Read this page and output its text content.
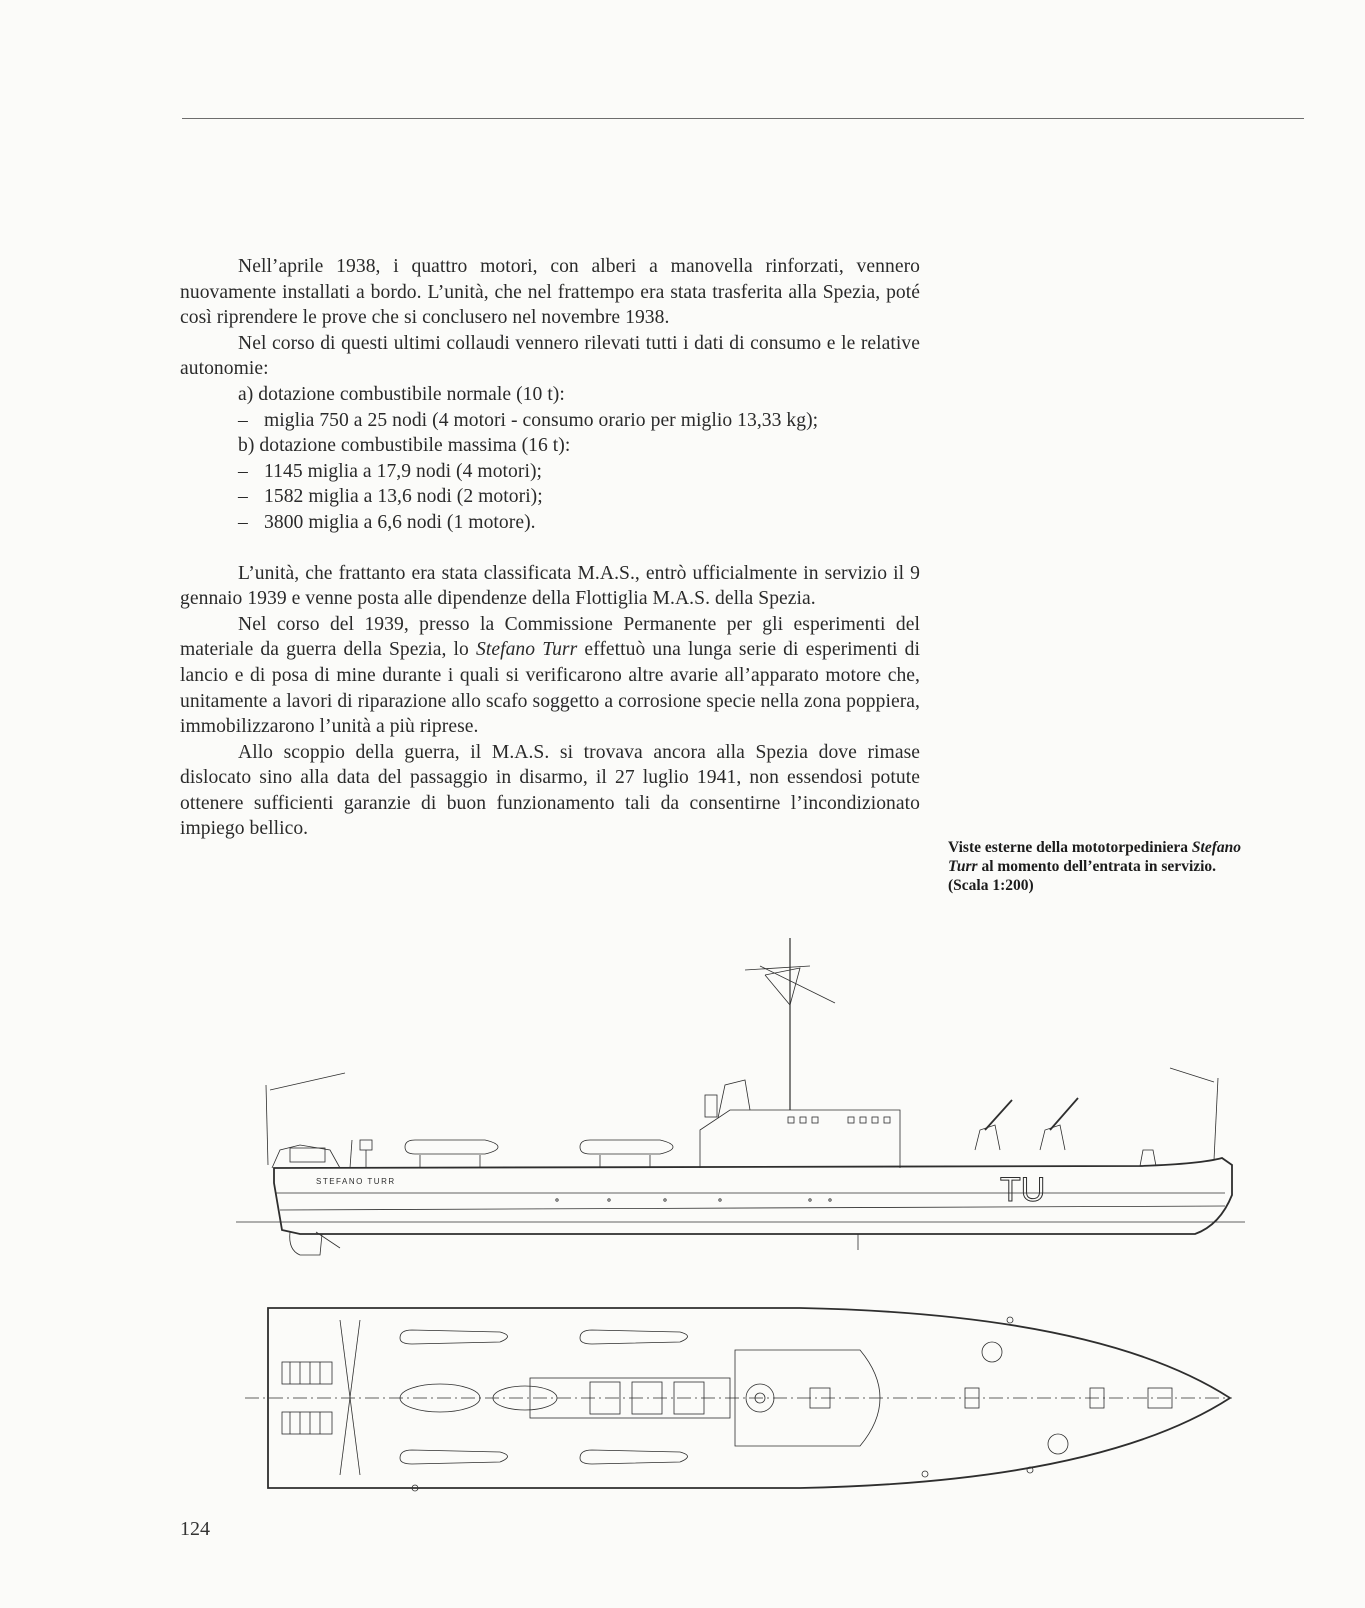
Nell’aprile 1938, i quattro motori, con alberi a manovella rinforzati, vennero nuovamente installati a bordo. L’unità, che nel frattempo era stata trasferita alla Spezia, poté così riprendere le prove che si conclusero nel novembre 1938.

Nel corso di questi ultimi collaudi vennero rilevati tutti i dati di consumo e le relative autonomie:

a) dotazione combustibile normale (10 t):
– miglia 750 a 25 nodi (4 motori - consumo orario per miglio 13,33 kg);
b) dotazione combustibile massima (16 t):
– 1145 miglia a 17,9 nodi (4 motori);
– 1582 miglia a 13,6 nodi (2 motori);
– 3800 miglia a 6,6 nodi (1 motore).

L’unità, che frattanto era stata classificata M.A.S., entrò ufficialmente in servizio il 9 gennaio 1939 e venne posta alle dipendenze della Flottiglia M.A.S. della Spezia.

Nel corso del 1939, presso la Commissione Permanente per gli esperimenti del materiale da guerra della Spezia, lo Stefano Turr effettuò una lunga serie di esperimenti di lancio e di posa di mine durante i quali si verificarono altre avarie all’apparato motore che, unitamente a lavori di riparazione allo scafo soggetto a corrosione specie nella zona poppiera, immobilizzarono l’unità a più riprese.

Allo scoppio della guerra, il M.A.S. si trovava ancora alla Spezia dove rimase dislocato sino alla data del passaggio in disarmo, il 27 luglio 1941, non essendosi potute ottenere sufficienti garanzie di buon funzionamento tali da consentirne l’incondizionato impiego bellico.

Viste esterne della mototorpediniera Stefano Turr al momento dell’entrata in servizio. (Scala 1:200)
STEFANO TURR	TU
124
